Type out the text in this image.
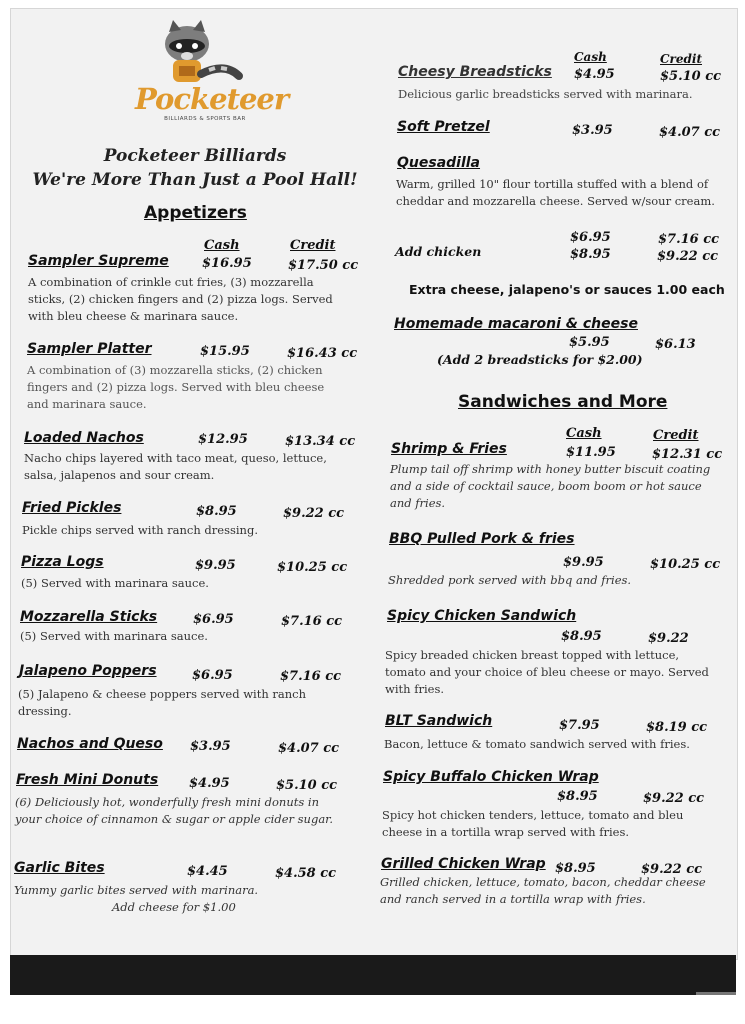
Pocketeer
BILLIARDS & SPORTS BAR
Pocketeer Billiards
We're More Than Just a Pool Hall!
Appetizers
Cash	Credit
Sampler Supreme	$16.95	$17.50 cc
A combination of crinkle cut fries, (3) mozzarella sticks, (2) chicken fingers and (2) pizza logs. Served with bleu cheese & marinara sauce.
Sampler Platter	$15.95	$16.43 cc
A combination of (3) mozzarella sticks, (2) chicken fingers and (2) pizza logs. Served with bleu cheese and marinara sauce.
Loaded Nachos	$12.95	$13.34 cc
Nacho chips layered with taco meat, queso, lettuce, salsa, jalapenos and sour cream.
Fried Pickles	$8.95	$9.22 cc
Pickle chips served with ranch dressing.
Pizza Logs	$9.95	$10.25 cc
(5) Served with marinara sauce.
Mozzarella Sticks	$6.95	$7.16 cc
(5) Served with marinara sauce.
Jalapeno Poppers	$6.95	$7.16 cc
(5) Jalapeno & cheese poppers served with ranch dressing.
Nachos and Queso $3.95	$4.07 cc
Fresh Mini Donuts $4.95	$5.10 cc
(6) Deliciously hot, wonderfully fresh mini donuts in your choice of cinnamon & sugar or apple cider sugar.
Garlic Bites	$4.45	$4.58 cc
Yummy garlic bites served with marinara.
Add cheese for $1.00
Cash	Credit
Cheesy Breadsticks $4.95	$5.10 cc
Delicious garlic breadsticks served with marinara.
Soft Pretzel	$3.95	$4.07 cc
Quesadilla
Warm, grilled 10" flour tortilla stuffed with a blend of cheddar and mozzarella cheese. Served w/sour cream.
$6.95	$7.16 cc
Add chicken	$8.95	$9.22 cc
Extra cheese, jalapeno's or sauces 1.00 each
Homemade macaroni & cheese
$5.95	$6.13
(Add 2 breadsticks for $2.00)
Sandwiches and More
Cash	Credit
Shrimp & Fries	$11.95	$12.31 cc
Plump tail off shrimp with honey butter biscuit coating and a side of cocktail sauce, boom boom or hot sauce and fries.
BBQ Pulled Pork & fries
$9.95	$10.25 cc
Shredded pork served with bbq and fries.
Spicy Chicken Sandwich
$8.95	$9.22
Spicy breaded chicken breast topped with lettuce, tomato and your choice of bleu cheese or mayo. Served with fries.
BLT Sandwich	$7.95	$8.19 cc
Bacon, lettuce & tomato sandwich served with fries.
Spicy Buffalo Chicken Wrap
$8.95	$9.22 cc
Spicy hot chicken tenders, lettuce, tomato and bleu cheese in a tortilla wrap served with fries.
Grilled Chicken Wrap $8.95	$9.22 cc
Grilled chicken, lettuce, tomato, bacon, cheddar cheese and ranch served in a tortilla wrap with fries.
